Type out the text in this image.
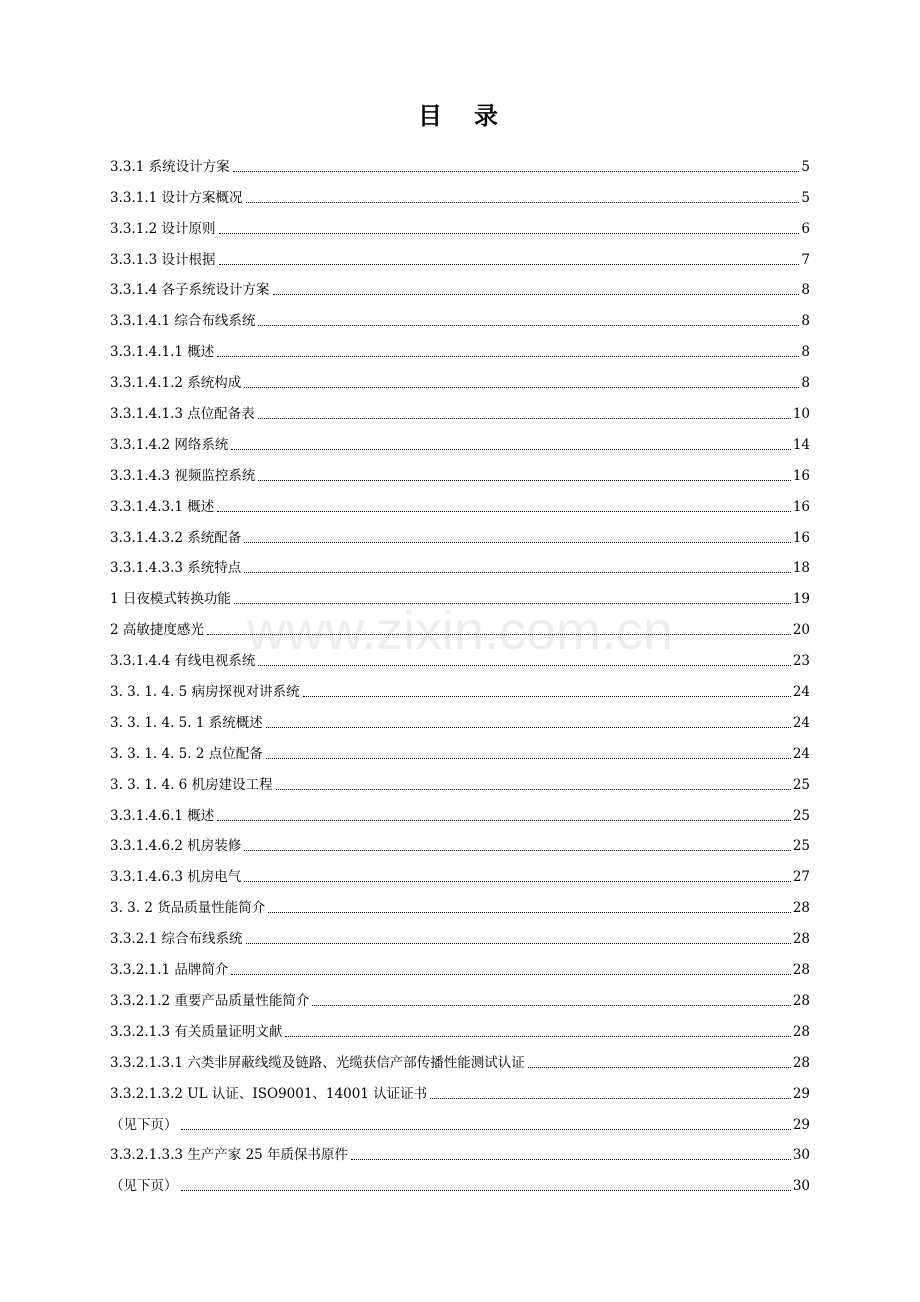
www.zixin.com.cn
目　录
3.3.1 系统设计方案	5
3.3.1.1 设计方案概况	5
3.3.1.2 设计原则	6
3.3.1.3 设计根据	7
3.3.1.4 各子系统设计方案	8
3.3.1.4.1 综合布线系统	8
3.3.1.4.1.1 概述	8
3.3.1.4.1.2 系统构成	8
3.3.1.4.1.3 点位配备表	10
3.3.1.4.2 网络系统	14
3.3.1.4.3 视频监控系统	16
3.3.1.4.3.1 概述	16
3.3.1.4.3.2 系统配备	16
3.3.1.4.3.3 系统特点	18
1 日夜模式转换功能	19
2 高敏捷度感光	20
3.3.1.4.4 有线电视系统	23
3. 3. 1. 4. 5 病房探视对讲系统	24
3. 3. 1. 4. 5. 1 系统概述	24
3. 3. 1. 4. 5. 2 点位配备	24
3. 3. 1. 4. 6 机房建设工程	25
3.3.1.4.6.1 概述	25
3.3.1.4.6.2 机房装修	25
3.3.1.4.6.3 机房电气	27
3. 3. 2 货品质量性能简介	28
3.3.2.1 综合布线系统	28
3.3.2.1.1 品牌简介	28
3.3.2.1.2 重要产品质量性能简介	28
3.3.2.1.3 有关质量证明文献	28
3.3.2.1.3.1 六类非屏蔽线缆及链路、光缆获信产部传播性能测试认证	28
3.3.2.1.3.2 UL 认证、ISO9001、14001 认证证书	29
（见下页）	29
3.3.2.1.3.3 生产产家 25 年质保书原件	30
（见下页）	30
